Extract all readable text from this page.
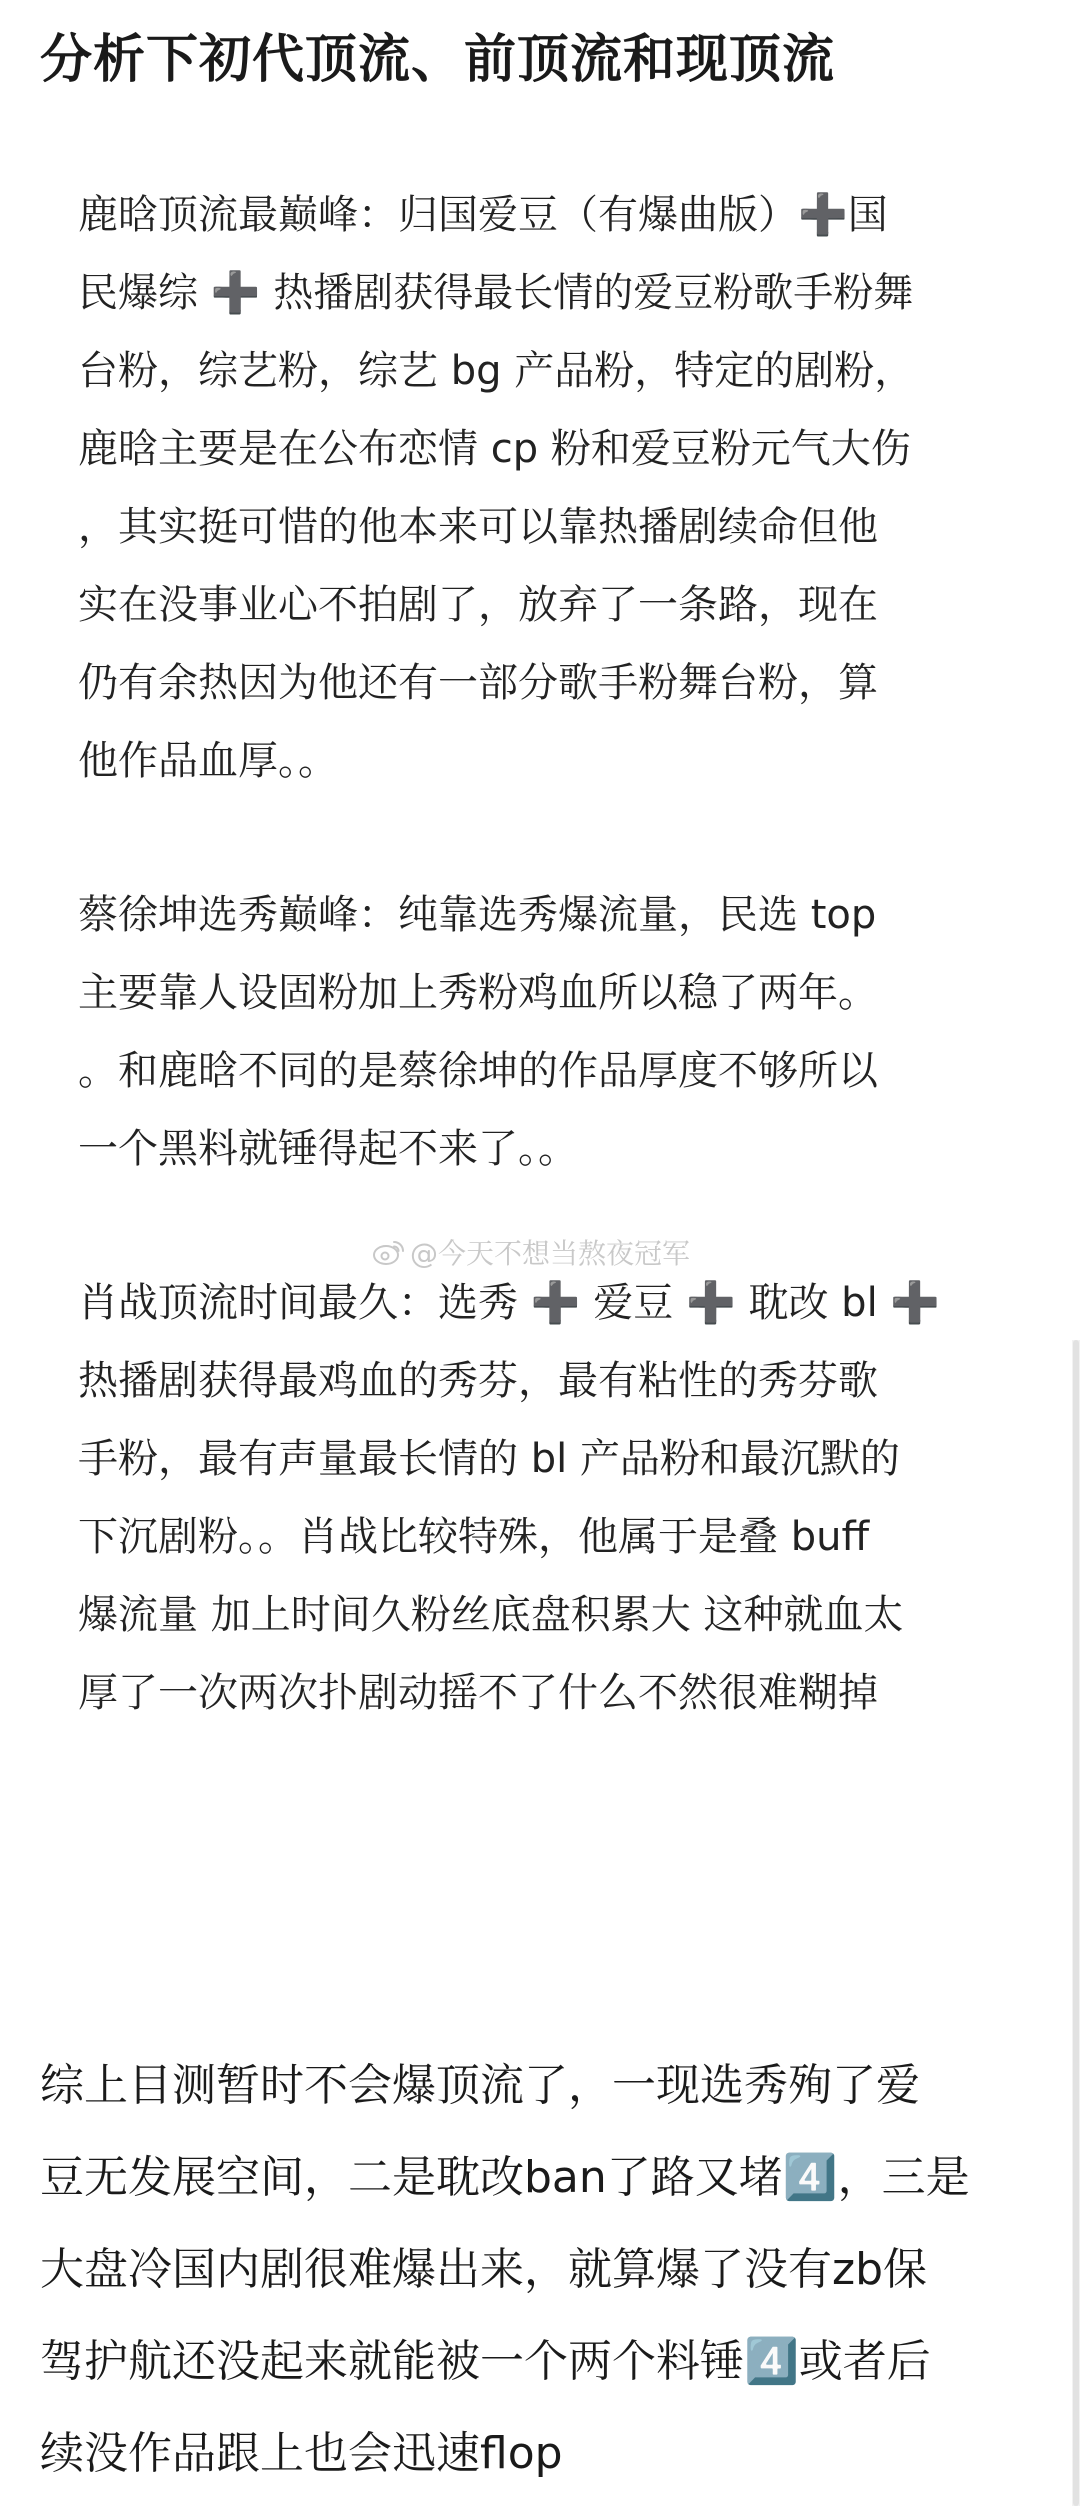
分析下初代顶流、前顶流和现顶流
鹿晗顶流最巅峰：归国爱豆（有爆曲版）➕国
民爆综 ➕ 热播剧获得最长情的爱豆粉歌手粉舞
台粉，综艺粉，综艺 bg 产品粉，特定的剧粉，
鹿晗主要是在公布恋情 cp 粉和爱豆粉元气大伤
，其实挺可惜的他本来可以靠热播剧续命但他
实在没事业心不拍剧了，放弃了一条路，现在
仍有余热因为他还有一部分歌手粉舞台粉，算
他作品血厚。。
蔡徐坤选秀巅峰：纯靠选秀爆流量，民选 top
主要靠人设固粉加上秀粉鸡血所以稳了两年。
。和鹿晗不同的是蔡徐坤的作品厚度不够所以
一个黑料就锤得起不来了。。
@今天不想当熬夜冠军
肖战顶流时间最久：选秀 ➕ 爱豆 ➕ 耽改 bl ➕
热播剧获得最鸡血的秀芬，最有粘性的秀芬歌
手粉，最有声量最长情的 bl 产品粉和最沉默的
下沉剧粉。。肖战比较特殊，他属于是叠 buff
爆流量 加上时间久粉丝底盘积累大 这种就血太
厚了一次两次扑剧动摇不了什么不然很难糊掉
综上目测暂时不会爆顶流了，一现选秀殉了爱
豆无发展空间，二是耽改ban了路又堵4️⃣，三是
大盘冷国内剧很难爆出来，就算爆了没有zb保
驾护航还没起来就能被一个两个料锤4️⃣或者后
续没作品跟上也会迅速flop
